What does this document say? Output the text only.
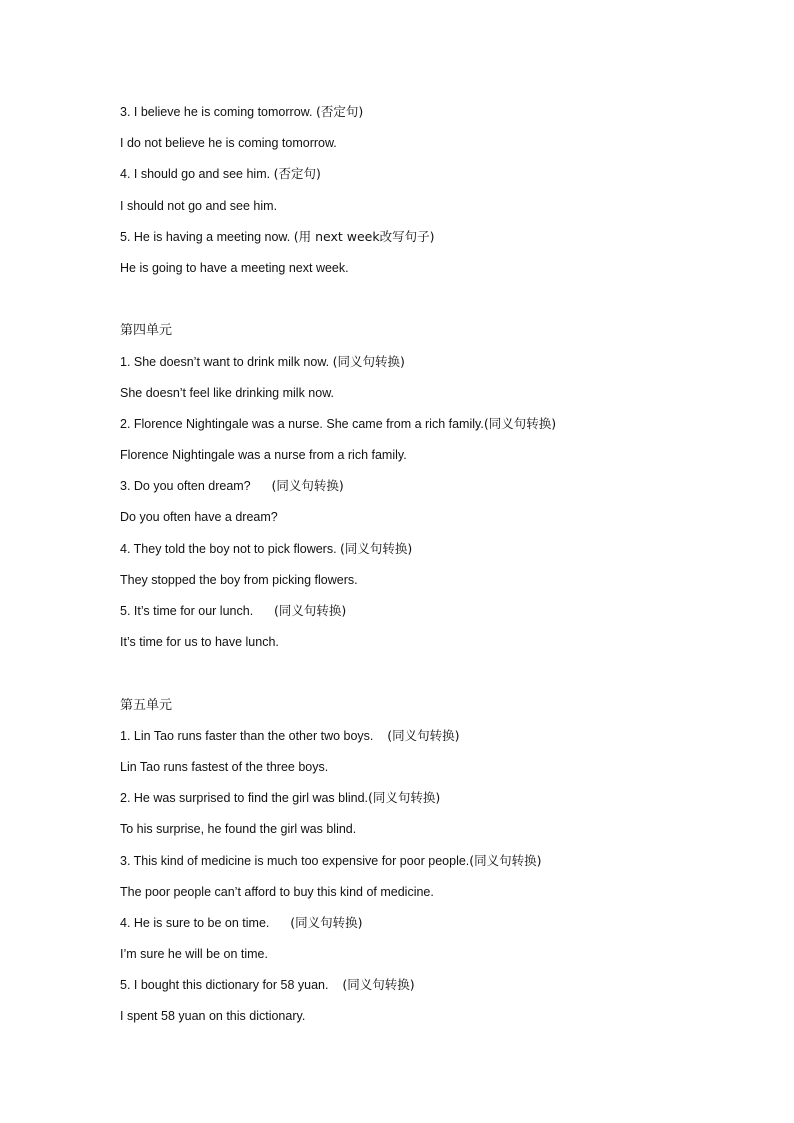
3. I believe he is coming tomorrow. (否定句)
I do not believe he is coming tomorrow.
4. I should go and see him. (否定句)
I should not go and see him.
5. He is having a meeting now. (用 next week改写句子)
He is going to have a meeting next week.
第四单元
1. She doesn’t want to drink milk now. (同义句转换)
She doesn’t feel like drinking milk now.
2. Florence Nightingale was a nurse. She came from a rich family.(同义句转换)
Florence Nightingale was a nurse from a rich family.
3. Do you often dream?      (同义句转换)
Do you often have a dream?
4. They told the boy not to pick flowers. (同义句转换)
They stopped the boy from picking flowers.
5. It’s time for our lunch.      (同义句转换)
It’s time for us to have lunch.
第五单元
1. Lin Tao runs faster than the other two boys.    (同义句转换)
Lin Tao runs fastest of the three boys.
2. He was surprised to find the girl was blind.(同义句转换)
To his surprise, he found the girl was blind.
3. This kind of medicine is much too expensive for poor people.(同义句转换)
The poor people can’t afford to buy this kind of medicine.
4. He is sure to be on time.      (同义句转换)
I’m sure he will be on time.
5. I bought this dictionary for 58 yuan.    (同义句转换)
I spent 58 yuan on this dictionary.
